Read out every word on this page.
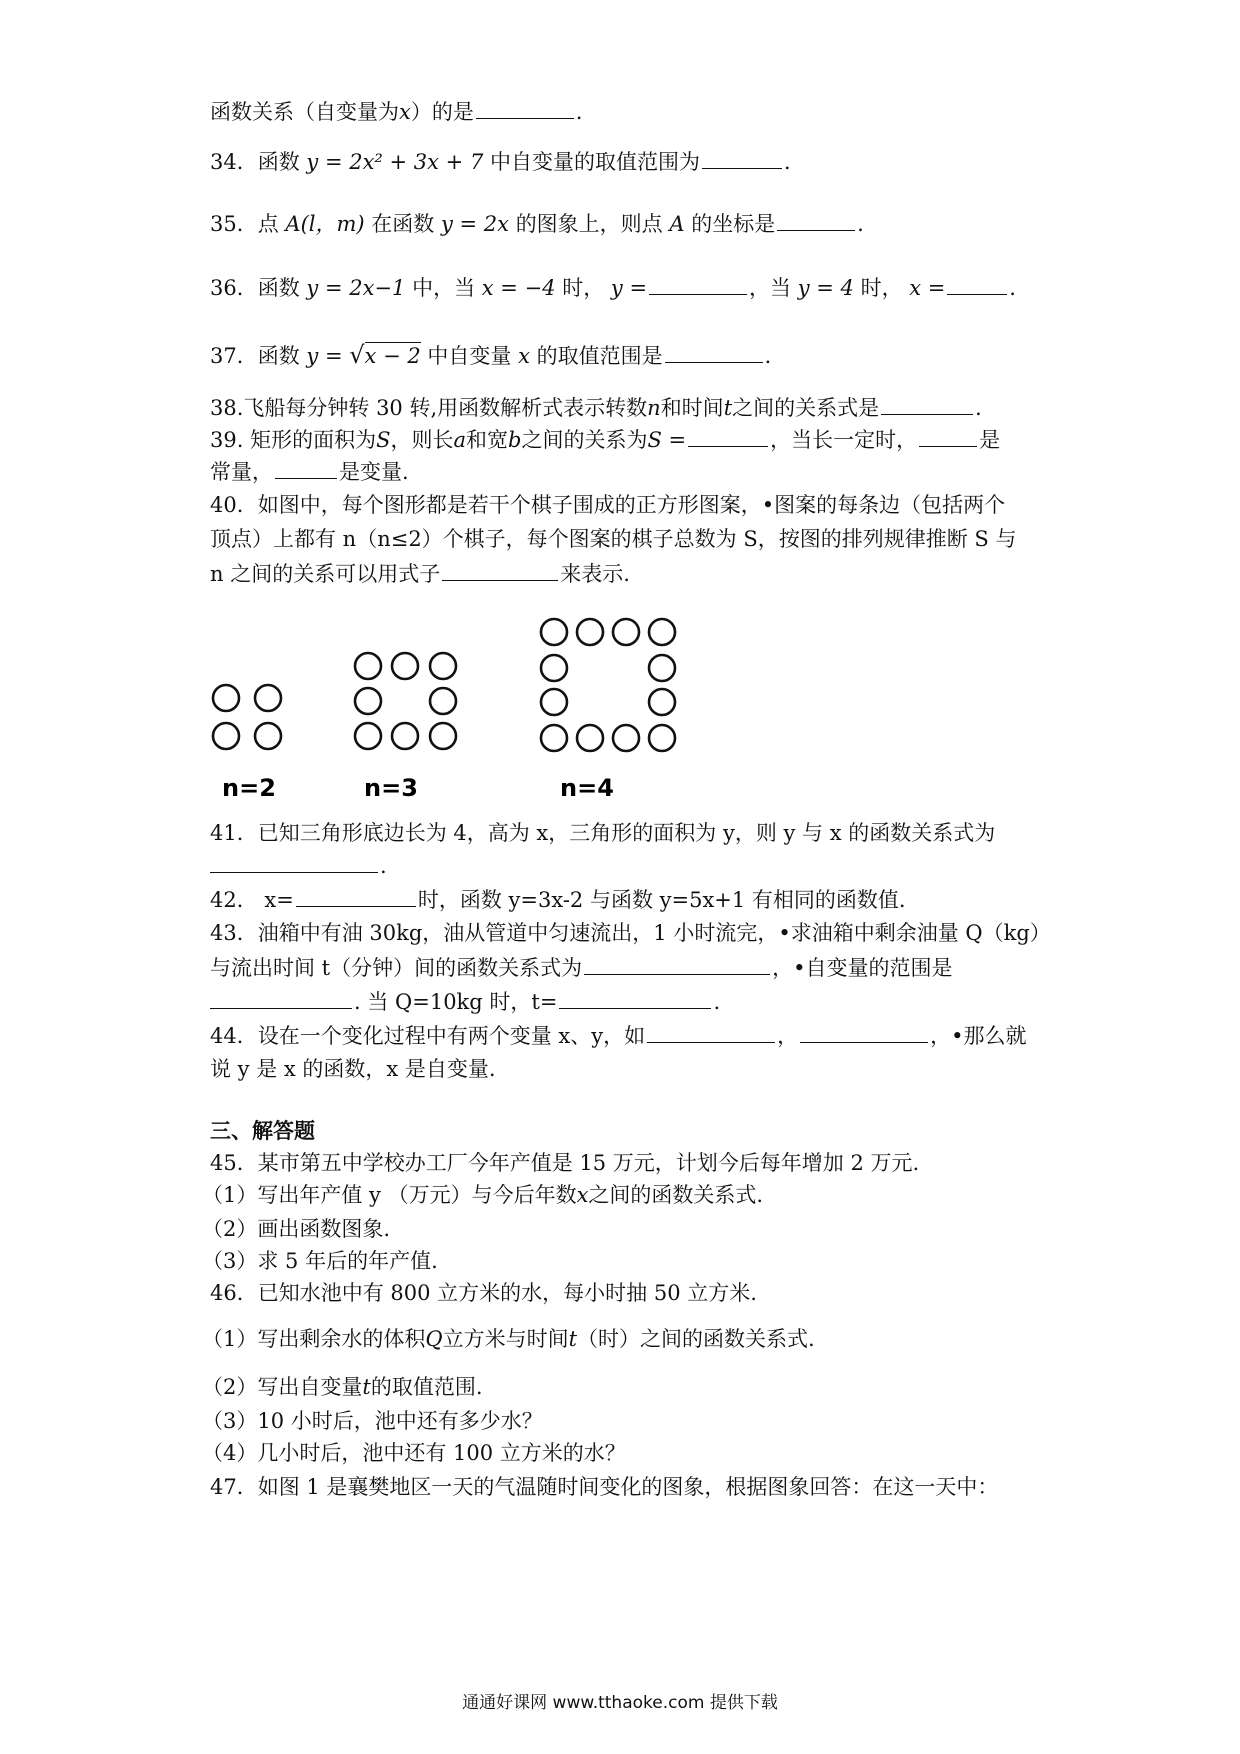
函数关系（自变量为x）的是	．
34．函数 y = 2x² + 3x + 7 中自变量的取值范围为	．
35．点 A(l，m) 在函数 y = 2x 的图象上，则点 A 的坐标是	．
36．函数 y = 2x−1 中，当 x = −4 时， y =	，当 y = 4 时， x =	．
37．函数 y = √x − 2 中自变量 x 的取值范围是	．
38.飞船每分钟转 30 转,用函数解析式表示转数n和时间t之间的关系式是	．
39. 矩形的面积为S，则长a和宽b之间的关系为S =	，当长一定时，	是
常量，	是变量.
40．如图中，每个图形都是若干个棋子围成的正方形图案，•图案的每条边（包括两个
顶点）上都有 n（n≤2）个棋子，每个图案的棋子总数为 S，按图的排列规律推断 S 与
n 之间的关系可以用式子	来表示.
n=2	n=3	n=4
41．已知三角形底边长为 4，高为 x，三角形的面积为 y，则 y 与 x 的函数关系式为
.
42． x=	时，函数 y=3x-2 与函数 y=5x+1 有相同的函数值.
43．油箱中有油 30kg，油从管道中匀速流出，1 小时流完，•求油箱中剩余油量 Q（kg）
与流出时间 t（分钟）间的函数关系式为	，•自变量的范围是
. 当 Q=10kg 时，t=	.
44．设在一个变化过程中有两个变量 x、y，如	，	，•那么就
说 y 是 x 的函数，x 是自变量.
三、解答题
45．某市第五中学校办工厂今年产值是 15 万元，计划今后每年增加 2 万元.
（1）写出年产值 y （万元）与今后年数x之间的函数关系式.
（2）画出函数图象.
（3）求 5 年后的年产值.
46．已知水池中有 800 立方米的水，每小时抽 50 立方米.
（1）写出剩余水的体积Q立方米与时间t（时）之间的函数关系式.
（2）写出自变量t的取值范围.
（3）10 小时后，池中还有多少水？
（4）几小时后，池中还有 100 立方米的水？
47．如图 1 是襄樊地区一天的气温随时间变化的图象，根据图象回答：在这一天中：
通通好课网 www.tthaoke.com 提供下载
